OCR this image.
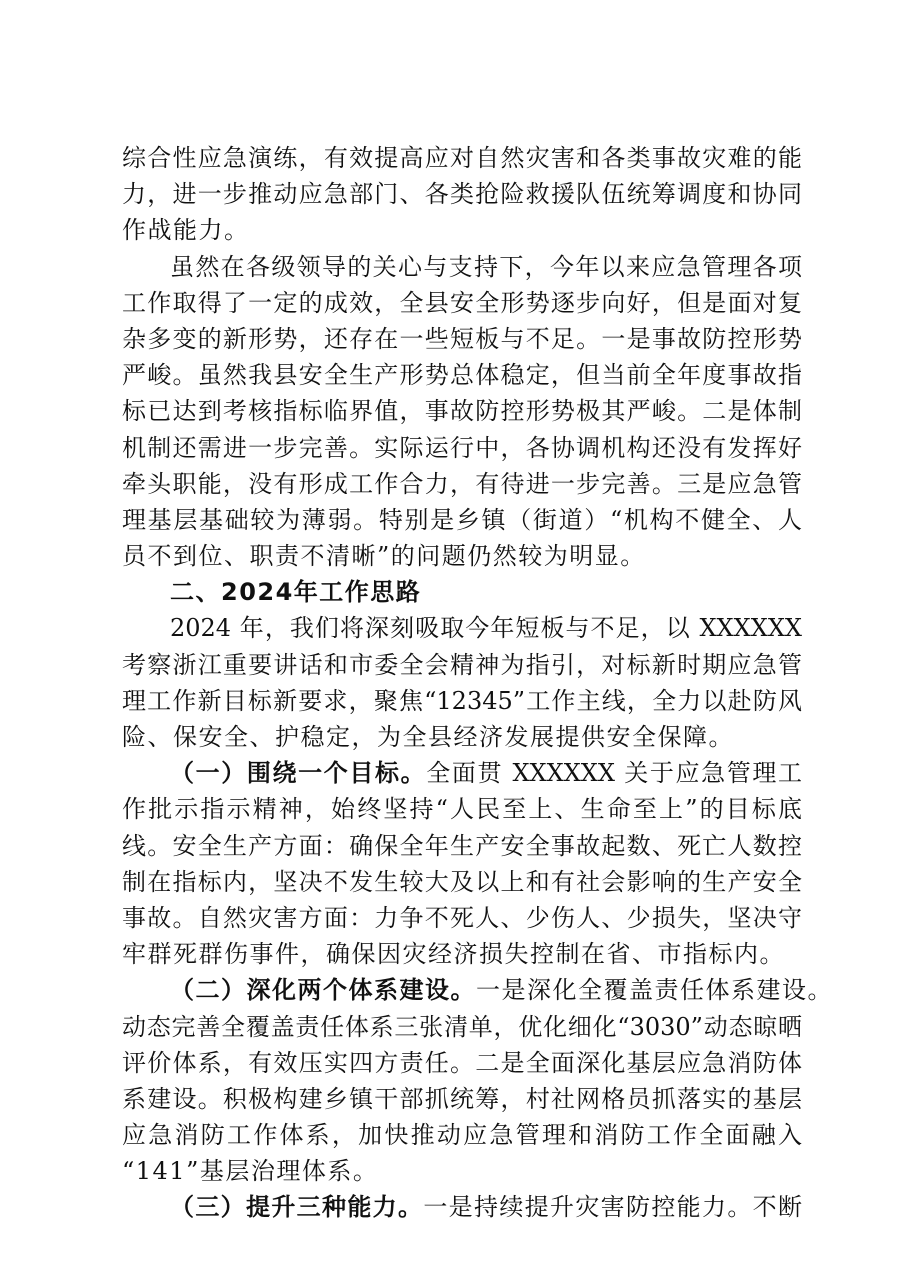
综合性应急演练，有效提高应对自然灾害和各类事故灾难的能
力，进一步推动应急部门、各类抢险救援队伍统筹调度和协同
作战能力。
虽然在各级领导的关心与支持下，今年以来应急管理各项
工作取得了一定的成效，全县安全形势逐步向好，但是面对复
杂多变的新形势，还存在一些短板与不足。一是事故防控形势
严峻。虽然我县安全生产形势总体稳定，但当前全年度事故指
标已达到考核指标临界值，事故防控形势极其严峻。二是体制
机制还需进一步完善。实际运行中，各协调机构还没有发挥好
牵头职能，没有形成工作合力，有待进一步完善。三是应急管
理基层基础较为薄弱。特别是乡镇（街道）“机构不健全、人
员不到位、职责不清晰”的问题仍然较为明显。
二、2024年工作思路
2024 年，我们将深刻吸取今年短板与不足，以 XXXXXX
考察浙江重要讲话和市委全会精神为指引，对标新时期应急管
理工作新目标新要求，聚焦“12345”工作主线，全力以赴防风
险、保安全、护稳定，为全县经济发展提供安全保障。
（一）围绕一个目标。全面贯 XXXXXX 关于应急管理工
作批示指示精神，始终坚持“人民至上、生命至上”的目标底
线。安全生产方面：确保全年生产安全事故起数、死亡人数控
制在指标内，坚决不发生较大及以上和有社会影响的生产安全
事故。自然灾害方面：力争不死人、少伤人、少损失，坚决守
牢群死群伤事件，确保因灾经济损失控制在省、市指标内。
（二）深化两个体系建设。一是深化全覆盖责任体系建设。
动态完善全覆盖责任体系三张清单，优化细化“3030”动态晾晒
评价体系，有效压实四方责任。二是全面深化基层应急消防体
系建设。积极构建乡镇干部抓统筹，村社网格员抓落实的基层
应急消防工作体系，加快推动应急管理和消防工作全面融入
“141”基层治理体系。
（三）提升三种能力。一是持续提升灾害防控能力。不断
